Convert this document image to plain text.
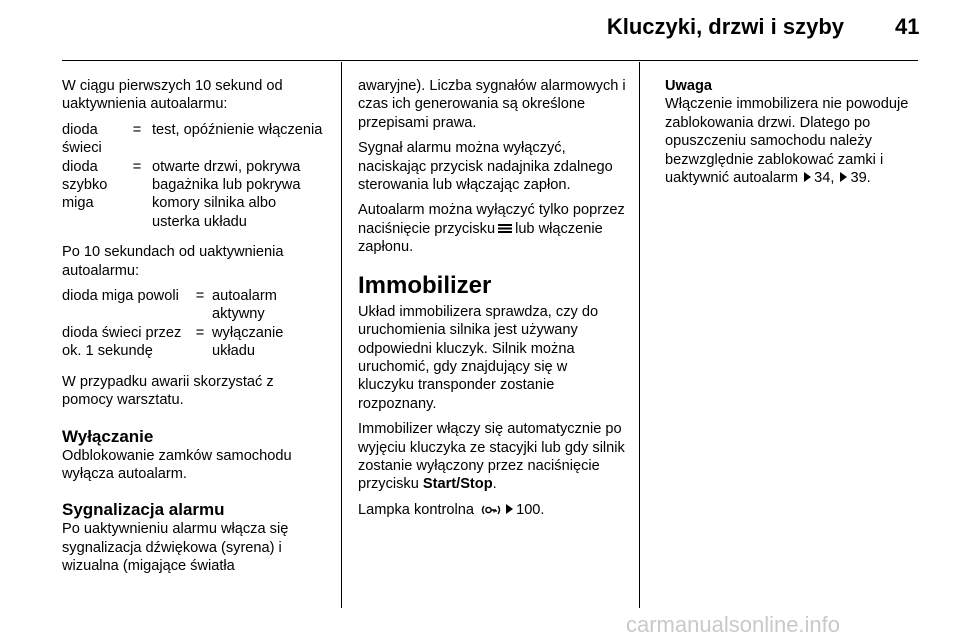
Kluczyki, drzwi i szyby 41

W ciągu pierwszych 10 sekund od uaktywnienia autoalarmu:

dioda świeci
= test, opóźnienie włączenia
dioda szybko miga
= otwarte drzwi, pokrywa bagażnika lub pokrywa komory silnika albo usterka układu

Po 10 sekundach od uaktywnienia autoalarmu:

dioda miga powoli	= autoalarm aktywny
dioda świeci przez ok. 1 sekundę
= wyłączanie układu

W przypadku awarii skorzystać z pomocy warsztatu.

Wyłączanie

Odblokowanie zamków samochodu wyłącza autoalarm.

Sygnalizacja alarmu

Po uaktywnieniu alarmu włącza się sygnalizacja dźwiękowa (syrena) i wizualna (migające światła

awaryjne). Liczba sygnałów alarmowych i czas ich generowania są określone przepisami prawa.

Sygnał alarmu można wyłączyć, naciskając przycisk nadajnika zdalnego sterowania lub włączając zapłon.

Autoalarm można wyłączyć tylko poprzez naciśnięcie przycisku lub włączenie zapłonu.

Immobilizer

Układ immobilizera sprawdza, czy do uruchomienia silnika jest używany odpowiedni kluczyk. Silnik można uruchomić, gdy znajdujący się w kluczyku transponder zostanie rozpoznany.

Immobilizer włączy się automatycznie po wyjęciu kluczyka ze stacyjki lub gdy silnik zostanie wyłączony przez naciśnięcie przycisku Start/Stop.

Lampka kontrolna	100.

Uwaga

Włączenie immobilizera nie powoduje zablokowania drzwi. Dlatego po opuszczeniu samochodu należy bezwzględnie zablokować zamki i uaktywnić autoalarm 34, 39.

carmanualsonline.info
